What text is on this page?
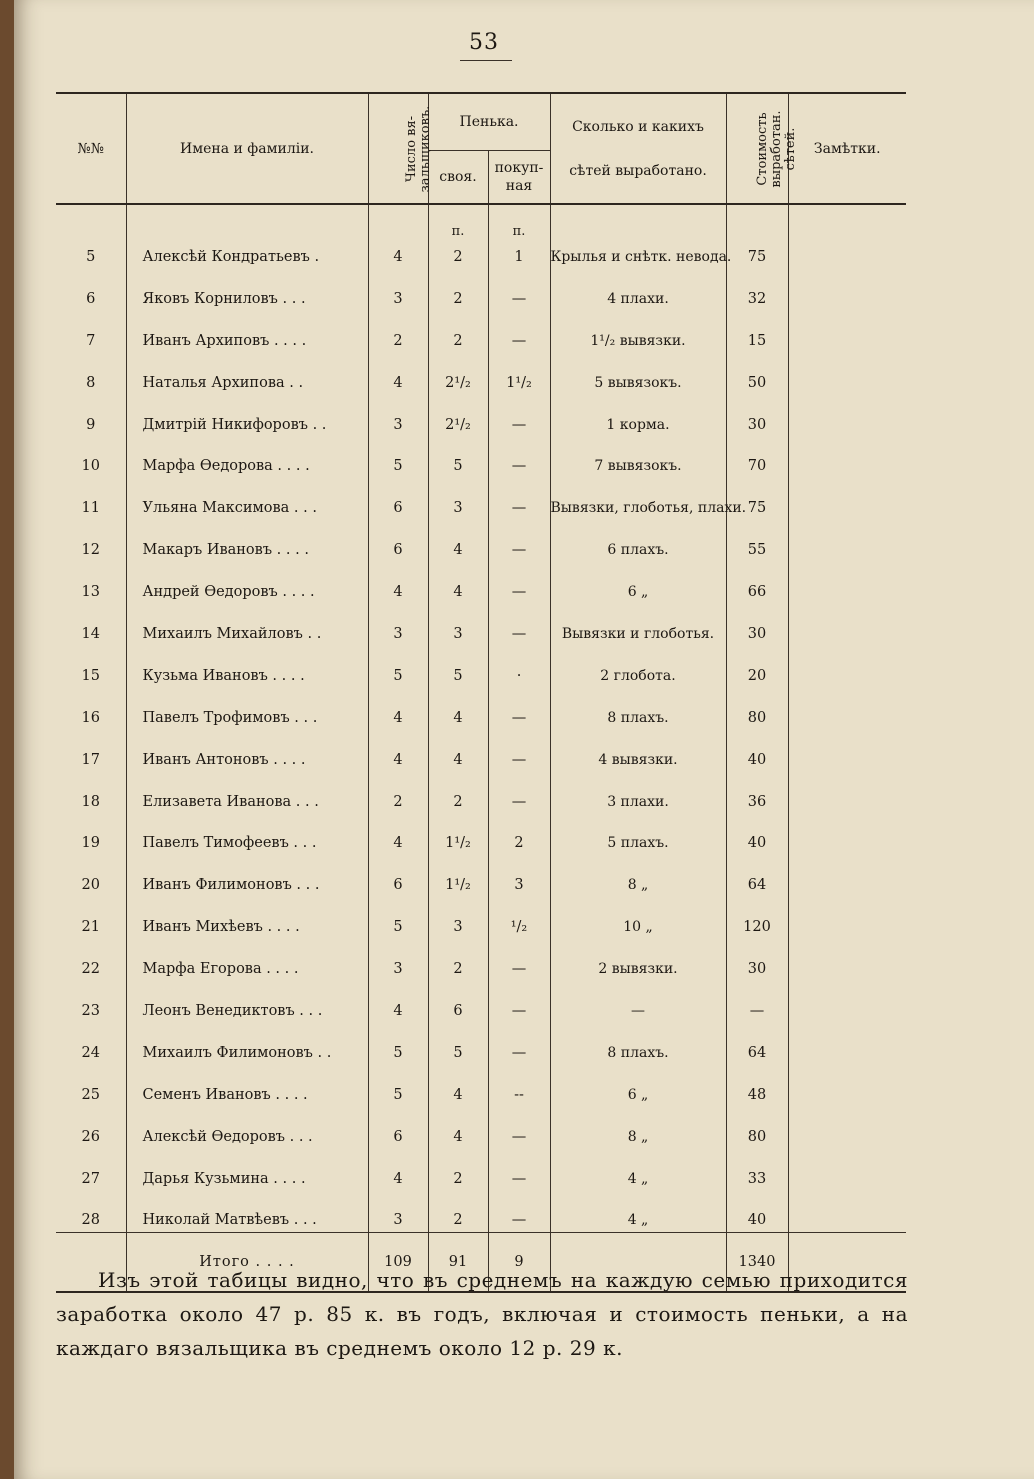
53
№№	Имена и фамиліи.	Число вя-зальщиковъ.	Пенька.		Сколько и какихъ сѣтей выработано.	Стоимость выработан. сѣтей.	Замѣтки.
			своя.	покуп-ная			
			п.	п.			
5	Алексѣй Кондратьевъ .	4	2	1	Крылья и снѣтк. невода.	75	
6	Яковъ Корниловъ . . .	3	2	—	4 плахи.	32	
7	Иванъ Архиповъ . . . .	2	2	—	1¹/₂ вывязки.	15	
8	Наталья Архипова . .	4	2¹/₂	1¹/₂	5 вывязокъ.	50	
9	Дмитрій Никифоровъ . .	3	2¹/₂	—	1 корма.	30	
10	Марфа Өедорова . . . .	5	5	—	7 вывязокъ.	70	
11	Ульяна Максимова . . .	6	3	—	Вывязки, глоботья, плахи.	75	
12	Макаръ Ивановъ . . . .	6	4	—	6 плахъ.	55	
13	Андрей Өедоровъ . . . .	4	4	—	6 „	66	
14	Михаилъ Михайловъ . .	3	3	—	Вывязки и глоботья.	30	
15	Кузьма Ивановъ . . . .	5	5	·	2 глобота.	20	
16	Павелъ Трофимовъ . . .	4	4	—	8 плахъ.	80	
17	Иванъ Антоновъ . . . .	4	4	—	4 вывязки.	40	
18	Елизавета Иванова . . .	2	2	—	3 плахи.	36	
19	Павелъ Тимофеевъ . . .	4	1¹/₂	2	5 плахъ.	40	
20	Иванъ Филимоновъ . . .	6	1¹/₂	3	8 „	64	
21	Иванъ Михѣевъ . . . .	5	3	¹/₂	10 „	120	
22	Марфа Егорова . . . .	3	2	—	2 вывязки.	30	
23	Леонъ Венедиктовъ . . .	4	6	—	—	—	
24	Михаилъ Филимоновъ . .	5	5	—	8 плахъ.	64	
25	Семенъ Ивановъ . . . .	5	4	--	6 „	48	
26	Алексѣй Өедоровъ . . .	6	4	—	8 „	80	
27	Дарья Кузьмина . . . .	4	2	—	4 „	33	
28	Николай Матвѣевъ . . .	3	2	—	4 „	40	
	Итого . . . .	109	91	9		1340	

Изъ этой табицы видно, что въ среднемъ на каждую семью приходится заработка около 47 р. 85 к. въ годъ, включая и стоимость пеньки, а на каждаго вязальщика въ среднемъ около 12 р. 29 к.
